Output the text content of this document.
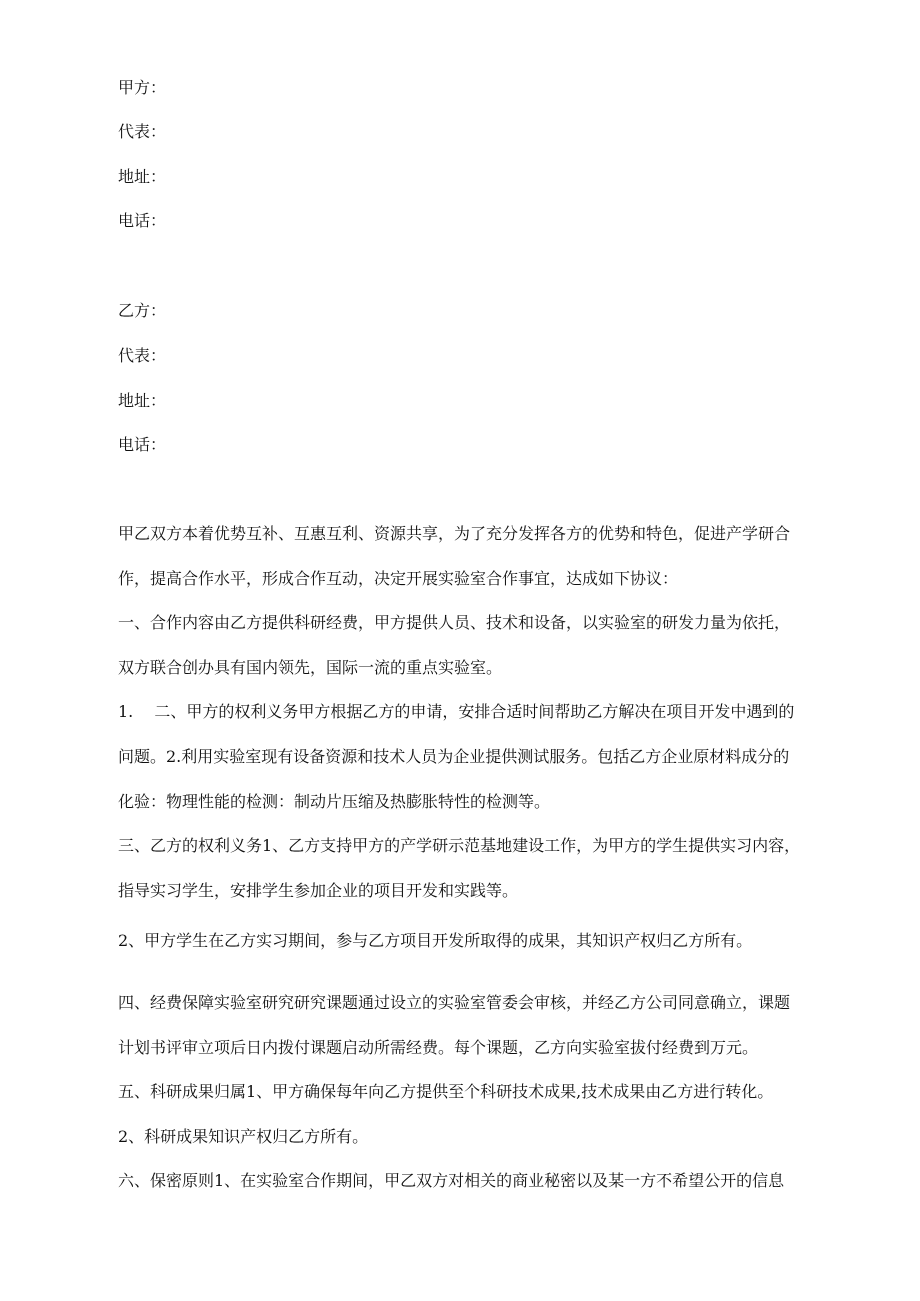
甲方：
代表：
地址：
电话：
乙方：
代表：
地址：
电话：
甲乙双方本着优势互补、互惠互利、资源共享，为了充分发挥各方的优势和特色，促进产学研合
作，提高合作水平，形成合作互动，决定开展实验室合作事宜，达成如下协议：
一、合作内容由乙方提供科研经费，甲方提供人员、技术和设备，以实验室的研发力量为依托，
双方联合创办具有国内领先，国际一流的重点实验室。
1.　 二、甲方的权利义务甲方根据乙方的申请，安排合适时间帮助乙方解决在项目开发中遇到的
问题。2.利用实验室现有设备资源和技术人员为企业提供测试服务。包括乙方企业原材料成分的
化验：物理性能的检测：制动片压缩及热膨胀特性的检测等。
三、乙方的权利义务1、乙方支持甲方的产学研示范基地建设工作，为甲方的学生提供实习内容，
指导实习学生，安排学生参加企业的项目开发和实践等。
2、甲方学生在乙方实习期间，参与乙方项目开发所取得的成果，其知识产权归乙方所有。
四、经费保障实验室研究研究课题通过设立的实验室管委会审核，并经乙方公司同意确立，课题
计划书评审立项后日内拨付课题启动所需经费。每个课题，乙方向实验室拔付经费到万元。
五、科研成果归属1、甲方确保每年向乙方提供至个科研技术成果,技术成果由乙方进行转化。
2、科研成果知识产权归乙方所有。
六、保密原则1、在实验室合作期间，甲乙双方对相关的商业秘密以及某一方不希望公开的信息
